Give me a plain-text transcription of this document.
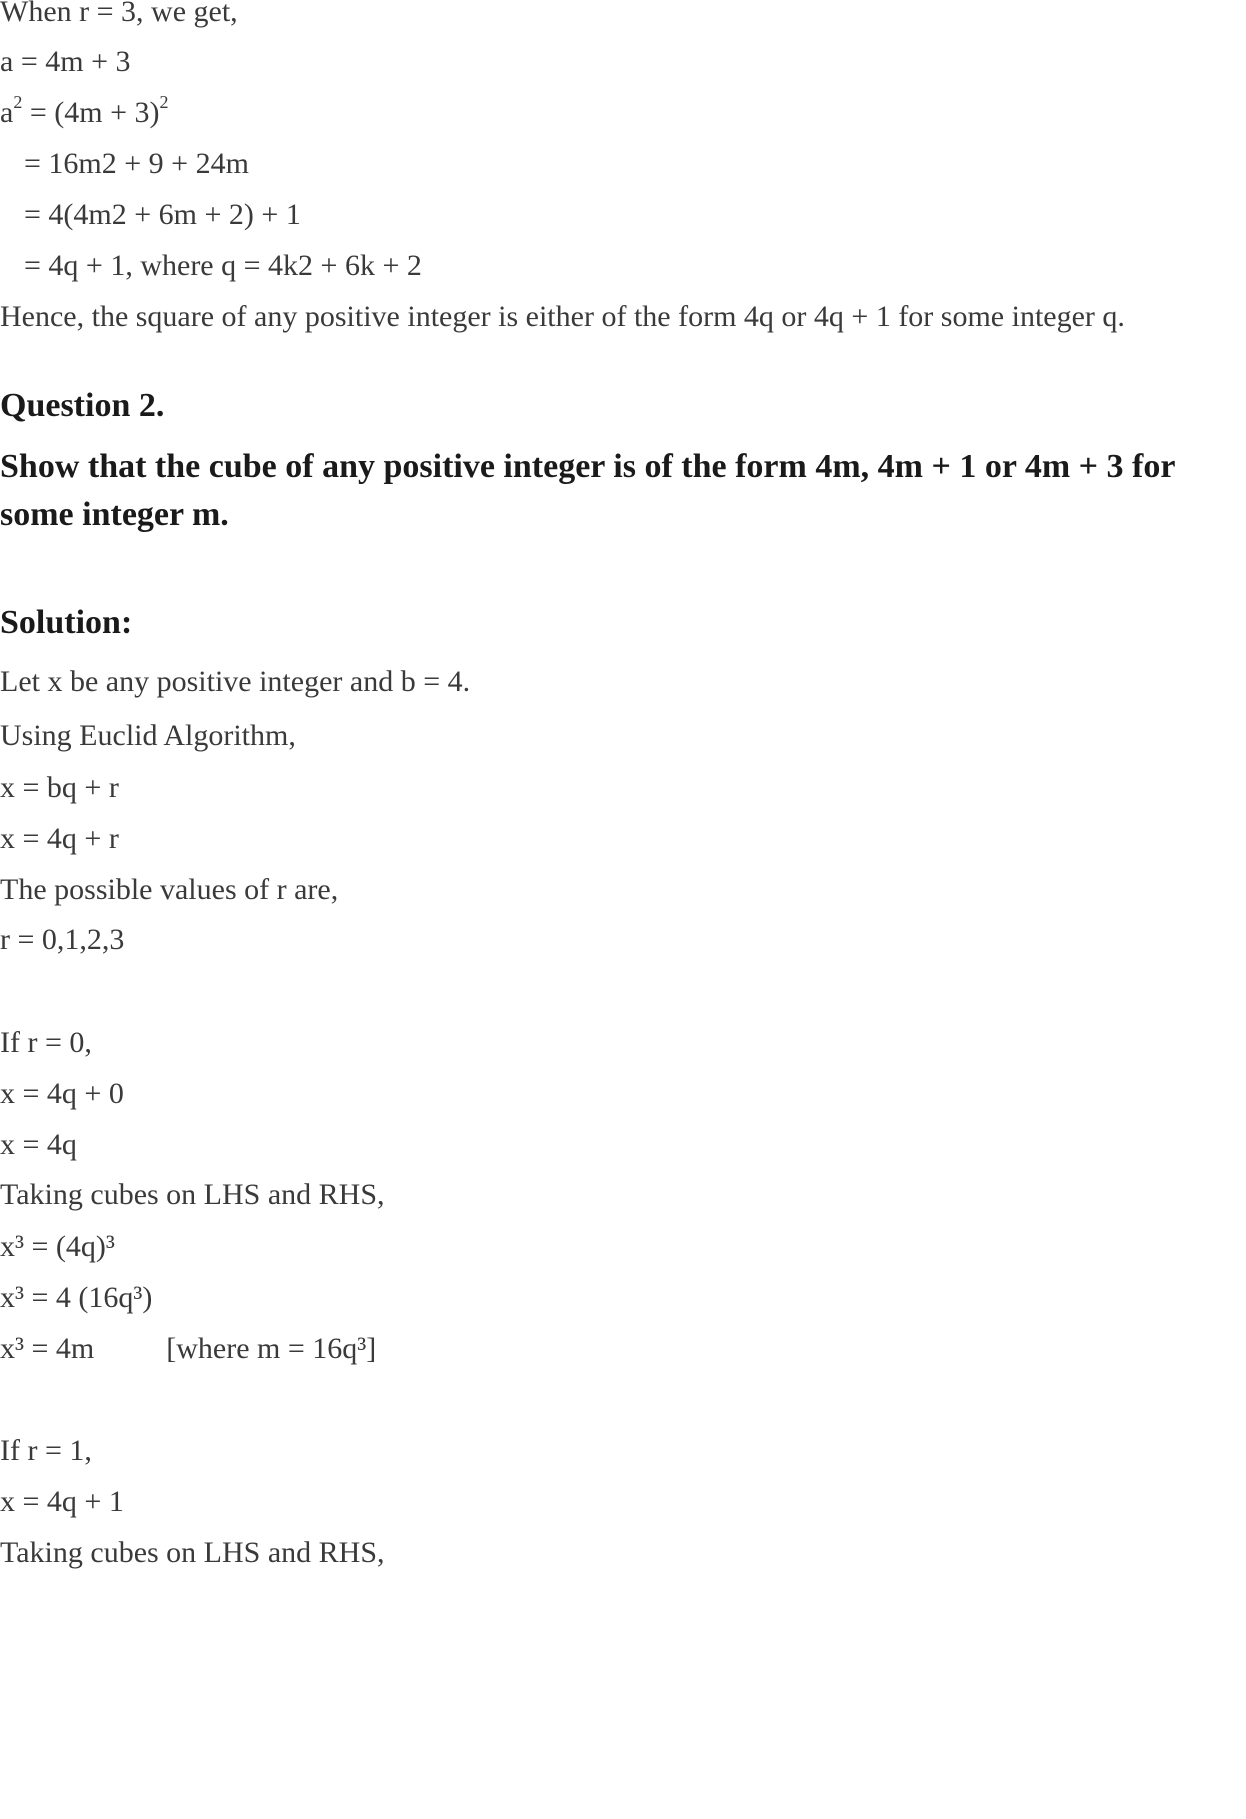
When r = 3, we get,
a = 4m + 3
$a^2 = (4m + 3)^2$
= 16m2 + 9 + 24m
= 4(4m2 + 6m + 2) + 1
= 4q + 1, where q = 4k2 + 6k + 2
Hence, the square of any positive integer is either of the form 4q or 4q + 1 for some integer q.
Question 2.
Show that the cube of any positive integer is of the form 4m, 4m + 1 or 4m + 3 for some integer m.
Solution:
Let x be any positive integer and b = 4.
Using Euclid Algorithm,
x = bq + r
x = 4q + r
The possible values of r are,
r = 0,1,2,3
If r = 0,
x = 4q + 0
x = 4q
Taking cubes on LHS and RHS,
x³ = (4q)³
x³ = 4 (16q³)
x³ = 4m [where m = 16q³]
If r = 1,
x = 4q + 1
Taking cubes on LHS and RHS,
